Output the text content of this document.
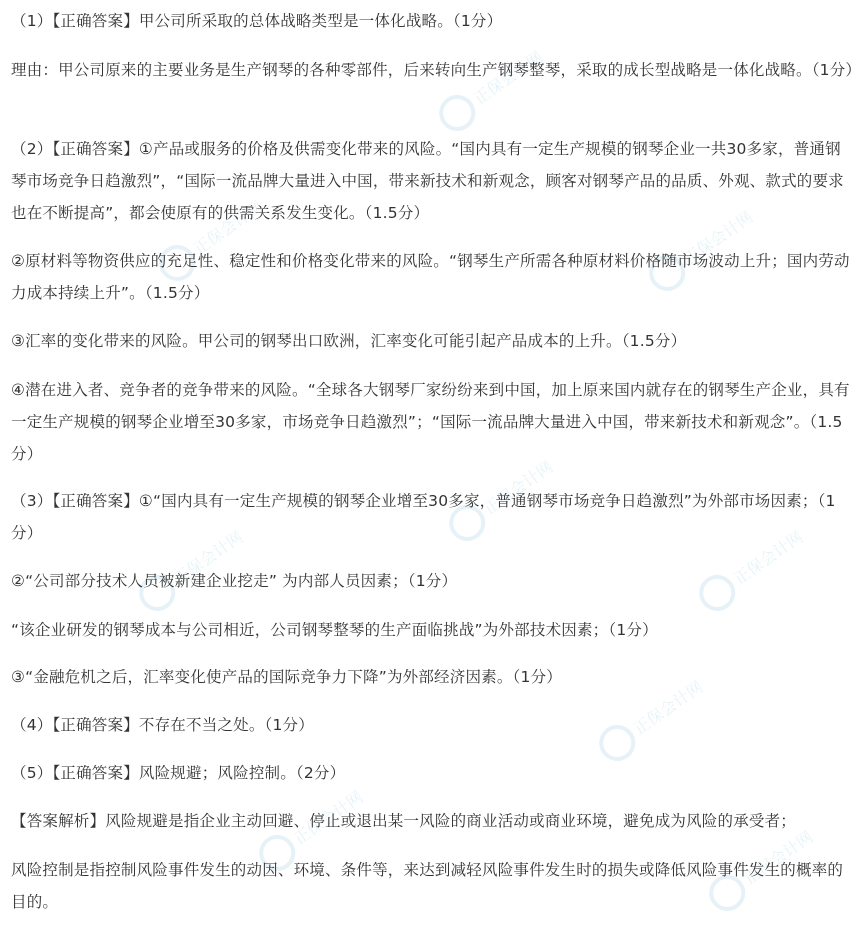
正保会计网校
正保会计网校
正保会计网校
正保会计网校
正保会计网校
正保会计网校
正保会计网校
正保会计网校
正保会计网校

（1）【正确答案】甲公司所采取的总体战略类型是一体化战略。（1分）

理由：甲公司原来的主要业务是生产钢琴的各种零部件，后来转向生产钢琴整琴，采取的成长型战略是一体化战略。（1分）

（2）【正确答案】①产品或服务的价格及供需变化带来的风险。“国内具有一定生产规模的钢琴企业一共30多家，普通钢琴市场竞争日趋激烈”，“国际一流品牌大量进入中国，带来新技术和新观念，顾客对钢琴产品的品质、外观、款式的要求也在不断提高”，都会使原有的供需关系发生变化。（1.5分）

②原材料等物资供应的充足性、稳定性和价格变化带来的风险。“钢琴生产所需各种原材料价格随市场波动上升；国内劳动力成本持续上升”。（1.5分）

③汇率的变化带来的风险。甲公司的钢琴出口欧洲，汇率变化可能引起产品成本的上升。（1.5分）

④潜在进入者、竞争者的竞争带来的风险。“全球各大钢琴厂家纷纷来到中国，加上原来国内就存在的钢琴生产企业，具有一定生产规模的钢琴企业增至30多家，市场竞争日趋激烈”；“国际一流品牌大量进入中国，带来新技术和新观念”。（1.5分）

（3）【正确答案】①“国内具有一定生产规模的钢琴企业增至30多家，普通钢琴市场竞争日趋激烈”为外部市场因素；（1分）

②“公司部分技术人员被新建企业挖走” 为内部人员因素；（1分）

“该企业研发的钢琴成本与公司相近，公司钢琴整琴的生产面临挑战”为外部技术因素；（1分）

③“金融危机之后，汇率变化使产品的国际竞争力下降”为外部经济因素。（1分）

（4）【正确答案】不存在不当之处。（1分）

（5）【正确答案】风险规避；风险控制。（2分）

【答案解析】风险规避是指企业主动回避、停止或退出某一风险的商业活动或商业环境，避免成为风险的承受者；

风险控制是指控制风险事件发生的动因、环境、条件等，来达到减轻风险事件发生时的损失或降低风险事件发生的概率的目的。
